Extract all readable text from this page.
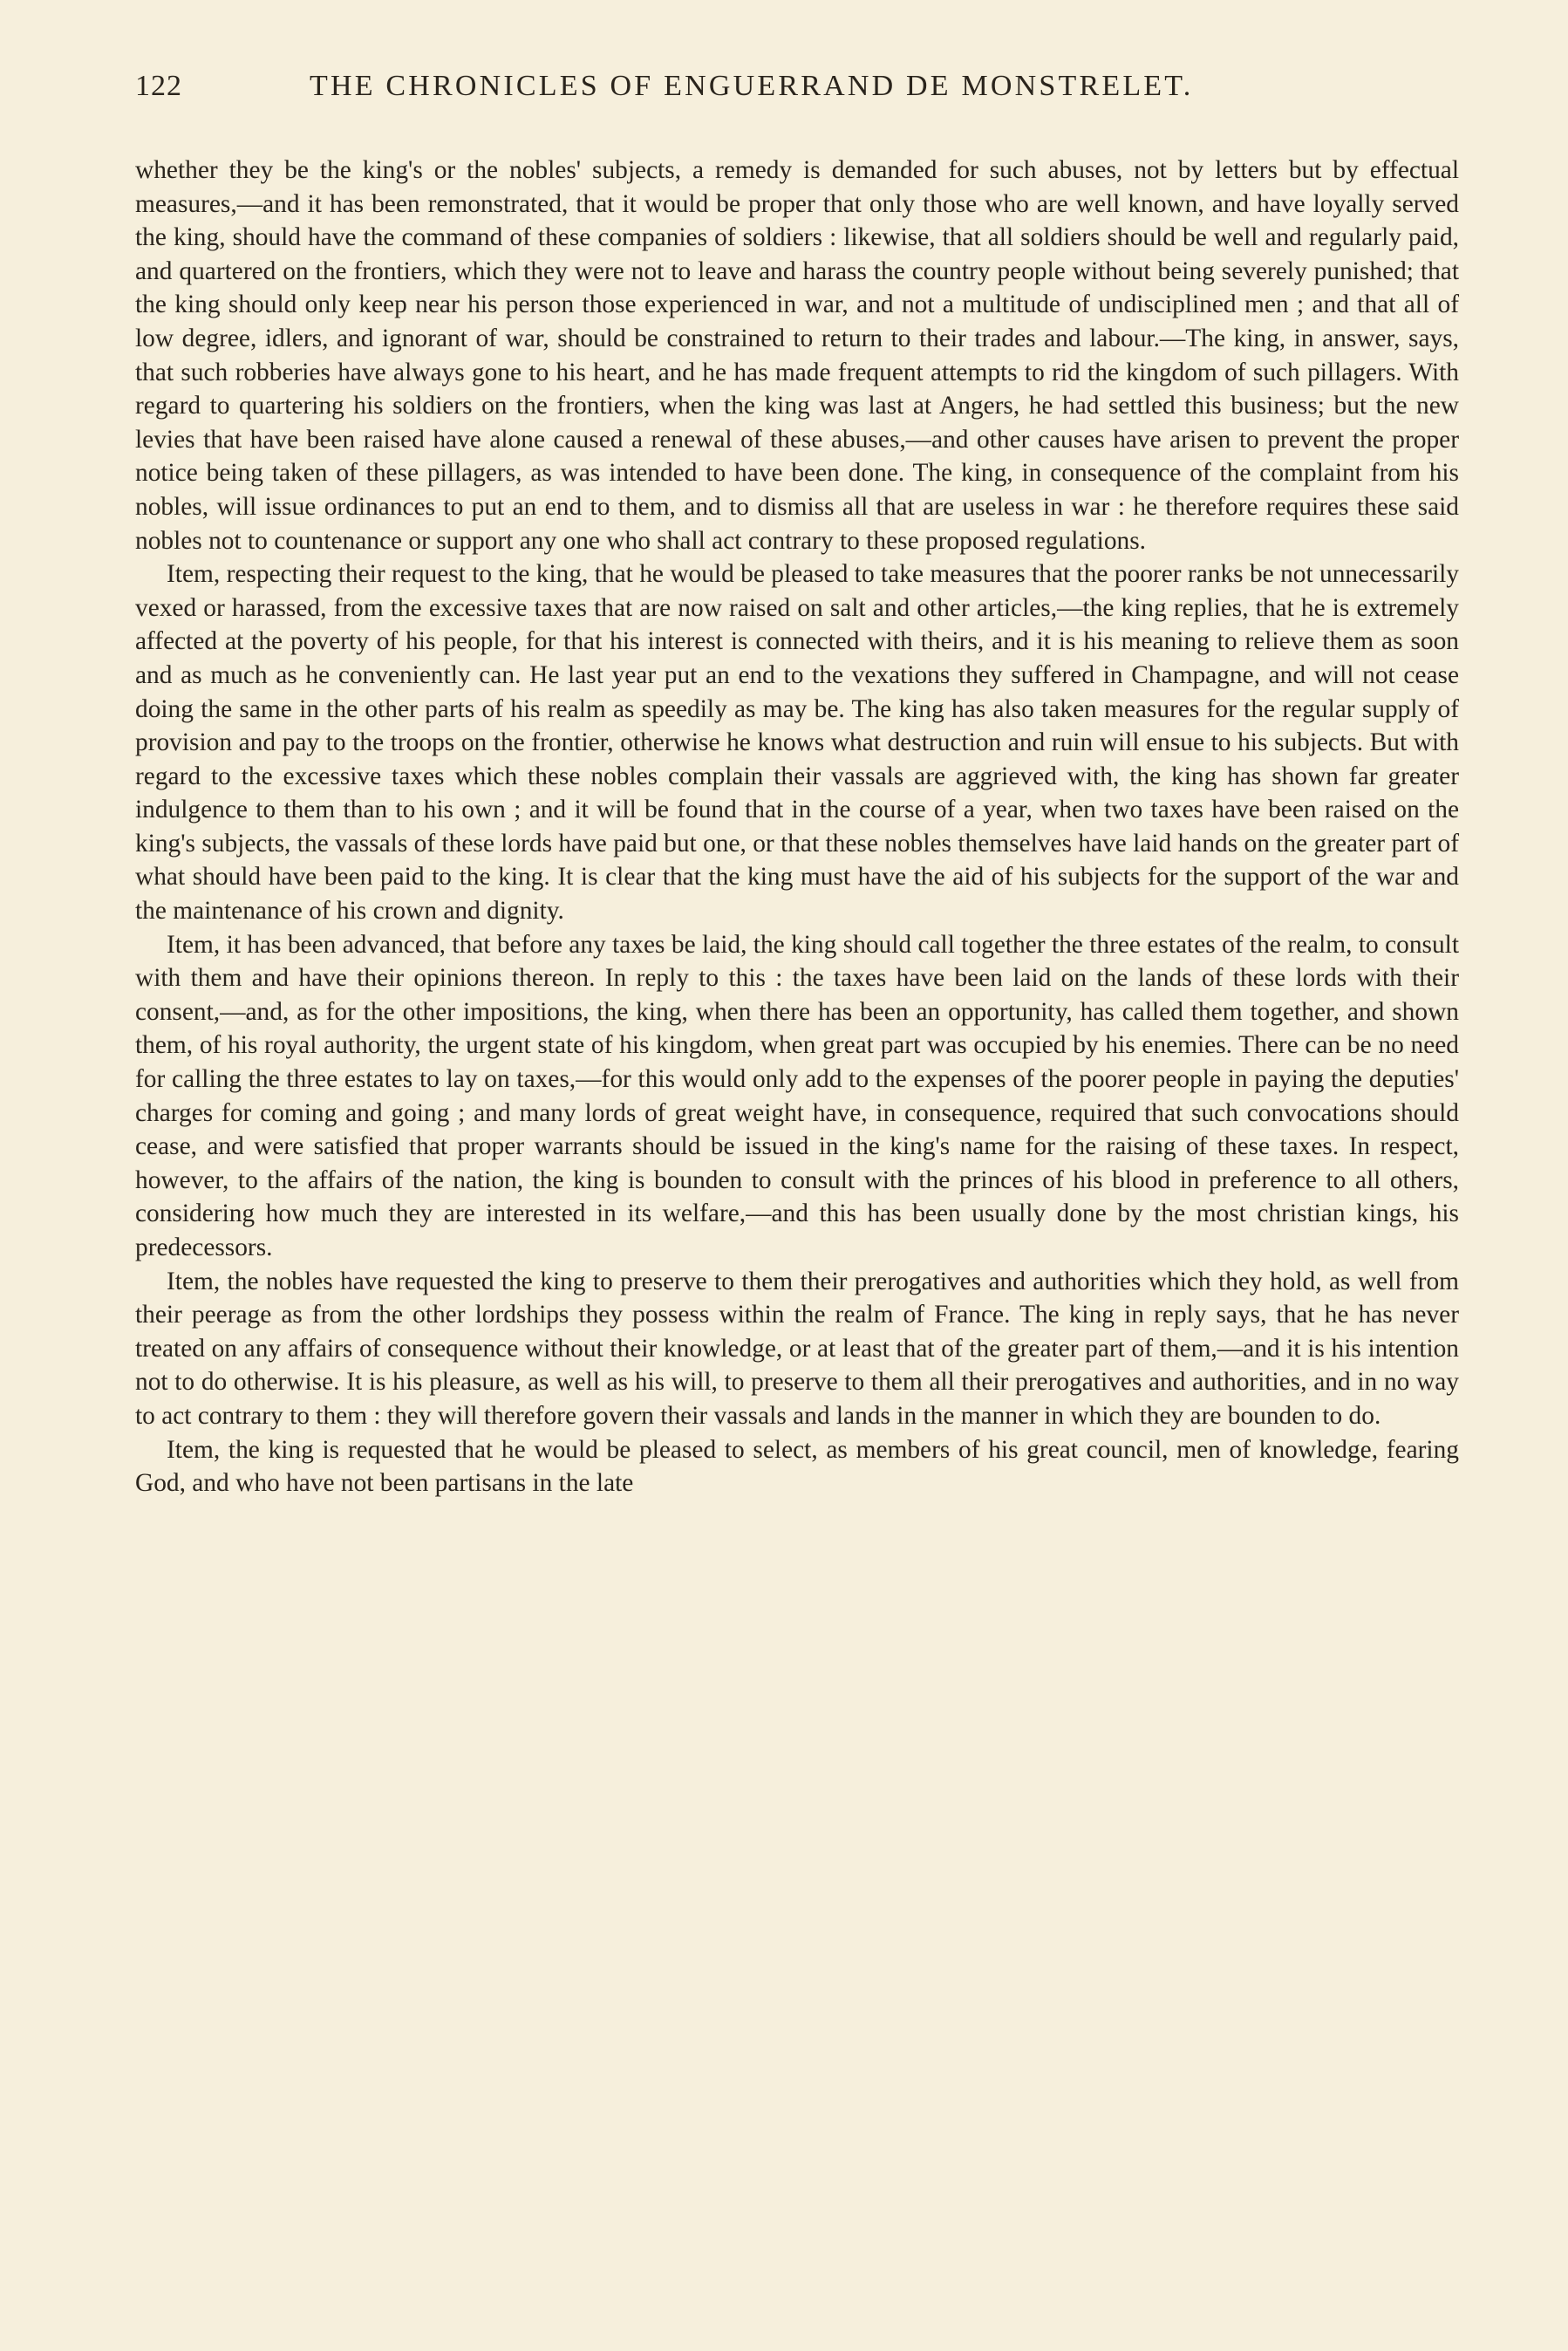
122	THE CHRONICLES OF ENGUERRAND DE MONSTRELET.

whether they be the king's or the nobles' subjects, a remedy is demanded for such abuses, not by letters but by effectual measures,—and it has been remonstrated, that it would be proper that only those who are well known, and have loyally served the king, should have the command of these companies of soldiers : likewise, that all soldiers should be well and regularly paid, and quartered on the frontiers, which they were not to leave and harass the country people without being severely punished; that the king should only keep near his person those experienced in war, and not a multitude of undisciplined men ; and that all of low degree, idlers, and ignorant of war, should be constrained to return to their trades and labour.—The king, in answer, says, that such robberies have always gone to his heart, and he has made frequent attempts to rid the kingdom of such pillagers. With regard to quartering his soldiers on the frontiers, when the king was last at Angers, he had settled this business; but the new levies that have been raised have alone caused a renewal of these abuses,—and other causes have arisen to prevent the proper notice being taken of these pillagers, as was intended to have been done. The king, in consequence of the complaint from his nobles, will issue ordinances to put an end to them, and to dismiss all that are useless in war : he therefore requires these said nobles not to countenance or support any one who shall act contrary to these proposed regulations.

Item, respecting their request to the king, that he would be pleased to take measures that the poorer ranks be not unnecessarily vexed or harassed, from the excessive taxes that are now raised on salt and other articles,—the king replies, that he is extremely affected at the poverty of his people, for that his interest is connected with theirs, and it is his meaning to relieve them as soon and as much as he conveniently can. He last year put an end to the vexations they suffered in Champagne, and will not cease doing the same in the other parts of his realm as speedily as may be. The king has also taken measures for the regular supply of provision and pay to the troops on the frontier, otherwise he knows what destruction and ruin will ensue to his subjects. But with regard to the excessive taxes which these nobles complain their vassals are aggrieved with, the king has shown far greater indulgence to them than to his own ; and it will be found that in the course of a year, when two taxes have been raised on the king's subjects, the vassals of these lords have paid but one, or that these nobles themselves have laid hands on the greater part of what should have been paid to the king. It is clear that the king must have the aid of his subjects for the support of the war and the maintenance of his crown and dignity.

Item, it has been advanced, that before any taxes be laid, the king should call together the three estates of the realm, to consult with them and have their opinions thereon. In reply to this : the taxes have been laid on the lands of these lords with their consent,—and, as for the other impositions, the king, when there has been an opportunity, has called them together, and shown them, of his royal authority, the urgent state of his kingdom, when great part was occupied by his enemies. There can be no need for calling the three estates to lay on taxes,—for this would only add to the expenses of the poorer people in paying the deputies' charges for coming and going ; and many lords of great weight have, in consequence, required that such convocations should cease, and were satisfied that proper warrants should be issued in the king's name for the raising of these taxes. In respect, however, to the affairs of the nation, the king is bounden to consult with the princes of his blood in preference to all others, considering how much they are interested in its welfare,—and this has been usually done by the most christian kings, his predecessors.

Item, the nobles have requested the king to preserve to them their prerogatives and authorities which they hold, as well from their peerage as from the other lordships they possess within the realm of France. The king in reply says, that he has never treated on any affairs of consequence without their knowledge, or at least that of the greater part of them,—and it is his intention not to do otherwise. It is his pleasure, as well as his will, to preserve to them all their prerogatives and authorities, and in no way to act contrary to them : they will therefore govern their vassals and lands in the manner in which they are bounden to do.

Item, the king is requested that he would be pleased to select, as members of his great council, men of knowledge, fearing God, and who have not been partisans in the late
